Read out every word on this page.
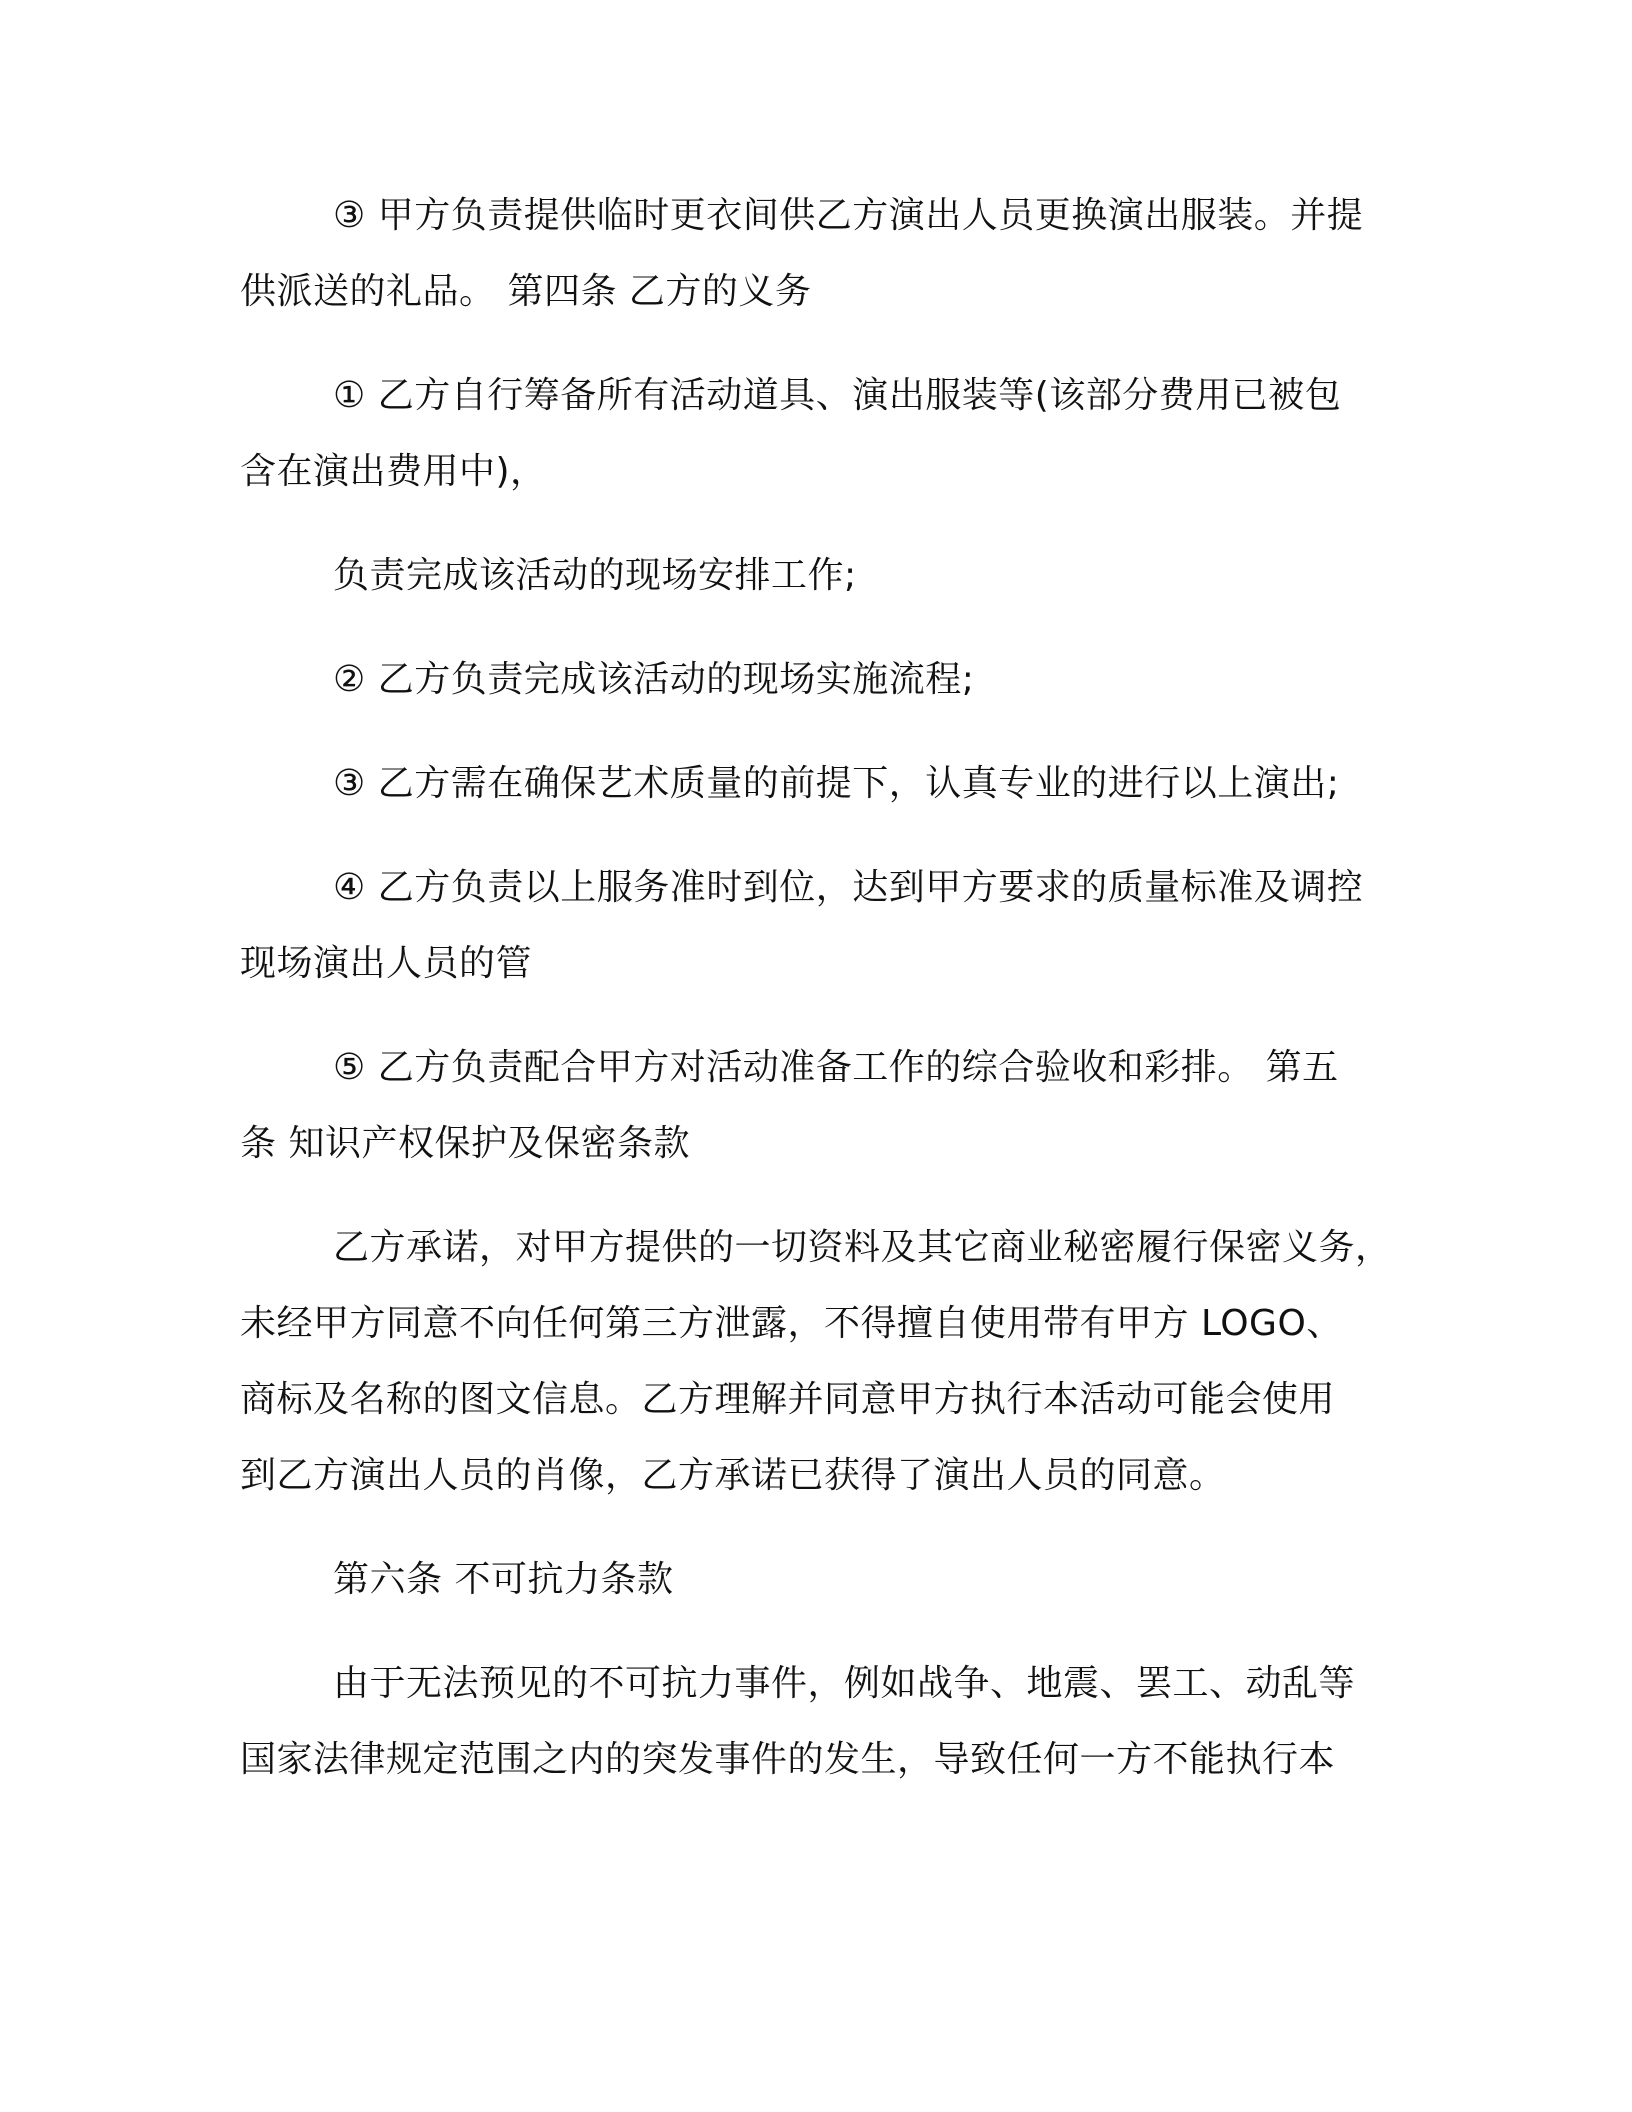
③ 甲方负责提供临时更衣间供乙方演出人员更换演出服装。并提
供派送的礼品。 第四条 乙方的义务
① 乙方自行筹备所有活动道具、演出服装等(该部分费用已被包
含在演出费用中)，
负责完成该活动的现场安排工作;
② 乙方负责完成该活动的现场实施流程;
③ 乙方需在确保艺术质量的前提下，认真专业的进行以上演出;
④ 乙方负责以上服务准时到位，达到甲方要求的质量标准及调控
现场演出人员的管
⑤ 乙方负责配合甲方对活动准备工作的综合验收和彩排。 第五
条 知识产权保护及保密条款
乙方承诺，对甲方提供的一切资料及其它商业秘密履行保密义务，
未经甲方同意不向任何第三方泄露，不得擅自使用带有甲方 LOGO、
商标及名称的图文信息。乙方理解并同意甲方执行本活动可能会使用
到乙方演出人员的肖像，乙方承诺已获得了演出人员的同意。
第六条 不可抗力条款
由于无法预见的不可抗力事件，例如战争、地震、罢工、动乱等
国家法律规定范围之内的突发事件的发生，导致任何一方不能执行本
